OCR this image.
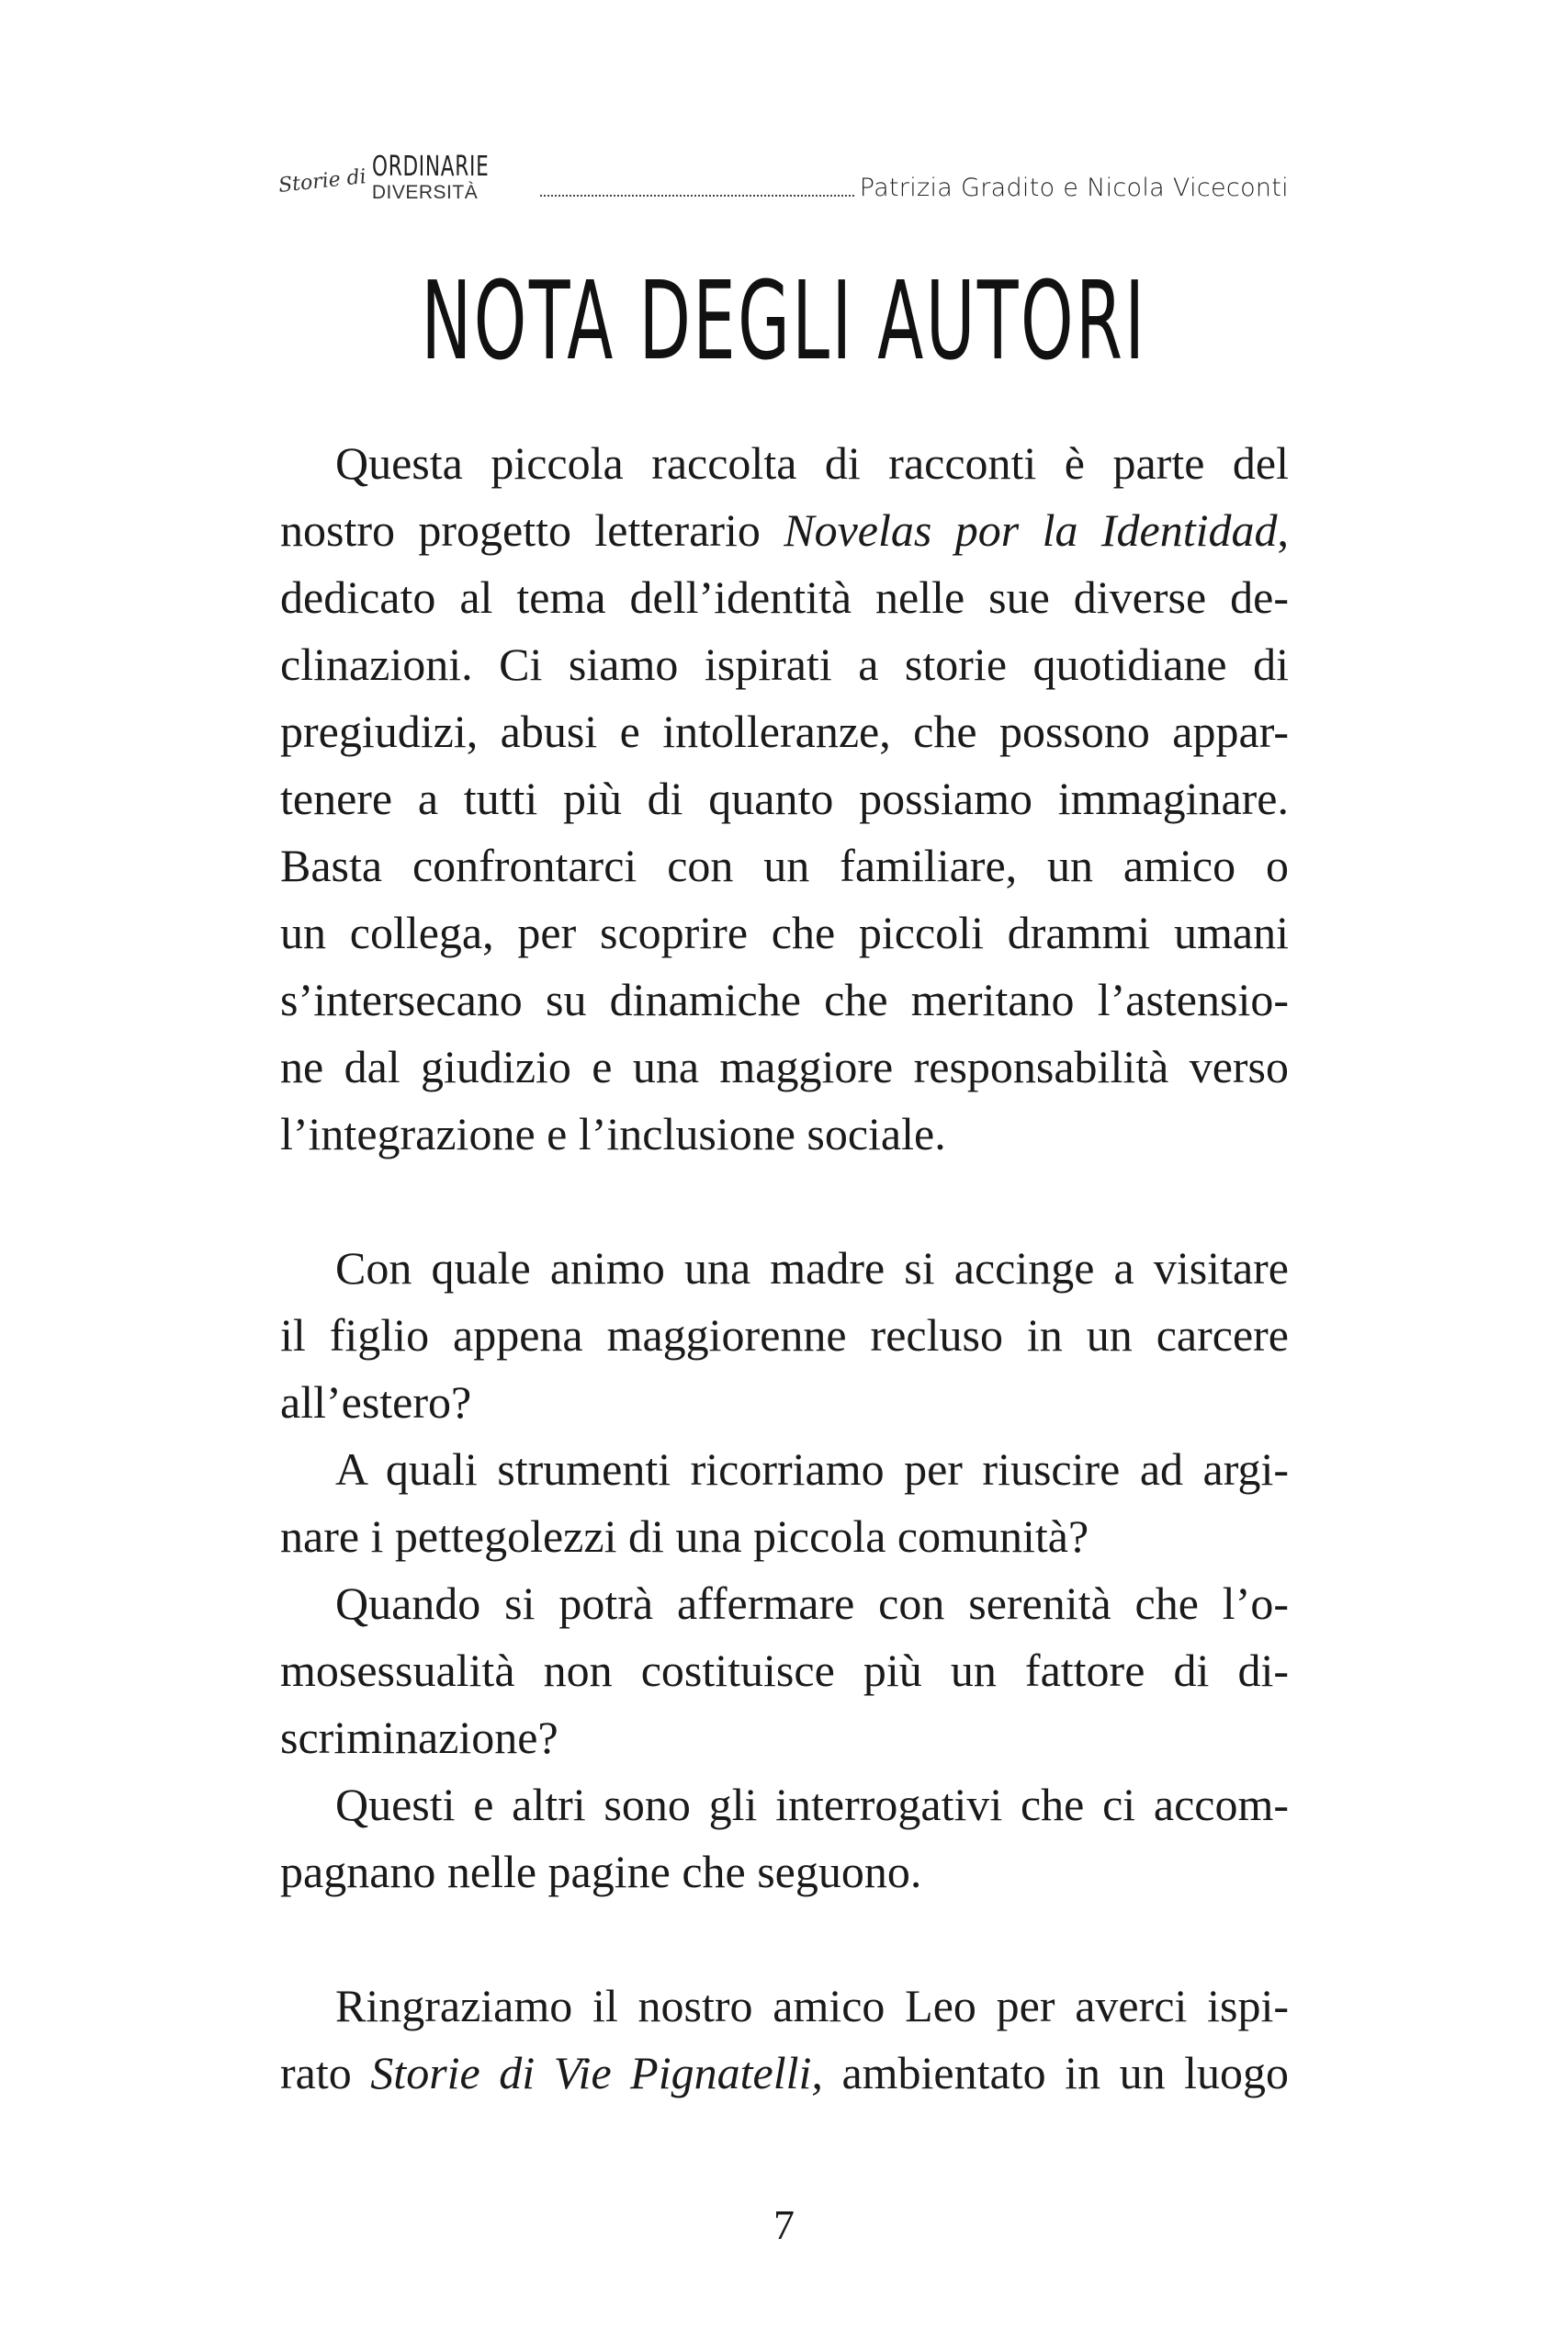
Storie di ORDINARIE
DIVERSITÀ	Patrizia Gradito e Nicola Viceconti
NOTA DEGLI AUTORI
Questa piccola raccolta di racconti è parte del
nostro progetto letterario Novelas por la Identidad,
dedicato al tema dell’identità nelle sue diverse de-
clinazioni. Ci siamo ispirati a storie quotidiane di
pregiudizi, abusi e intolleranze, che possono appar-
tenere a tutti più di quanto possiamo immaginare.
Basta confrontarci con un familiare, un amico o
un collega, per scoprire che piccoli drammi umani
s’intersecano su dinamiche che meritano l’astensio-
ne dal giudizio e una maggiore responsabilità verso
l’integrazione e l’inclusione sociale.
Con quale animo una madre si accinge a visitare
il figlio appena maggiorenne recluso in un carcere
all’estero?
A quali strumenti ricorriamo per riuscire ad argi-
nare i pettegolezzi di una piccola comunità?
Quando si potrà affermare con serenità che l’o-
mosessualità non costituisce più un fattore di di-
scriminazione?
Questi e altri sono gli interrogativi che ci accom-
pagnano nelle pagine che seguono.
Ringraziamo il nostro amico Leo per averci ispi-
rato Storie di Vie Pignatelli, ambientato in un luogo
7
